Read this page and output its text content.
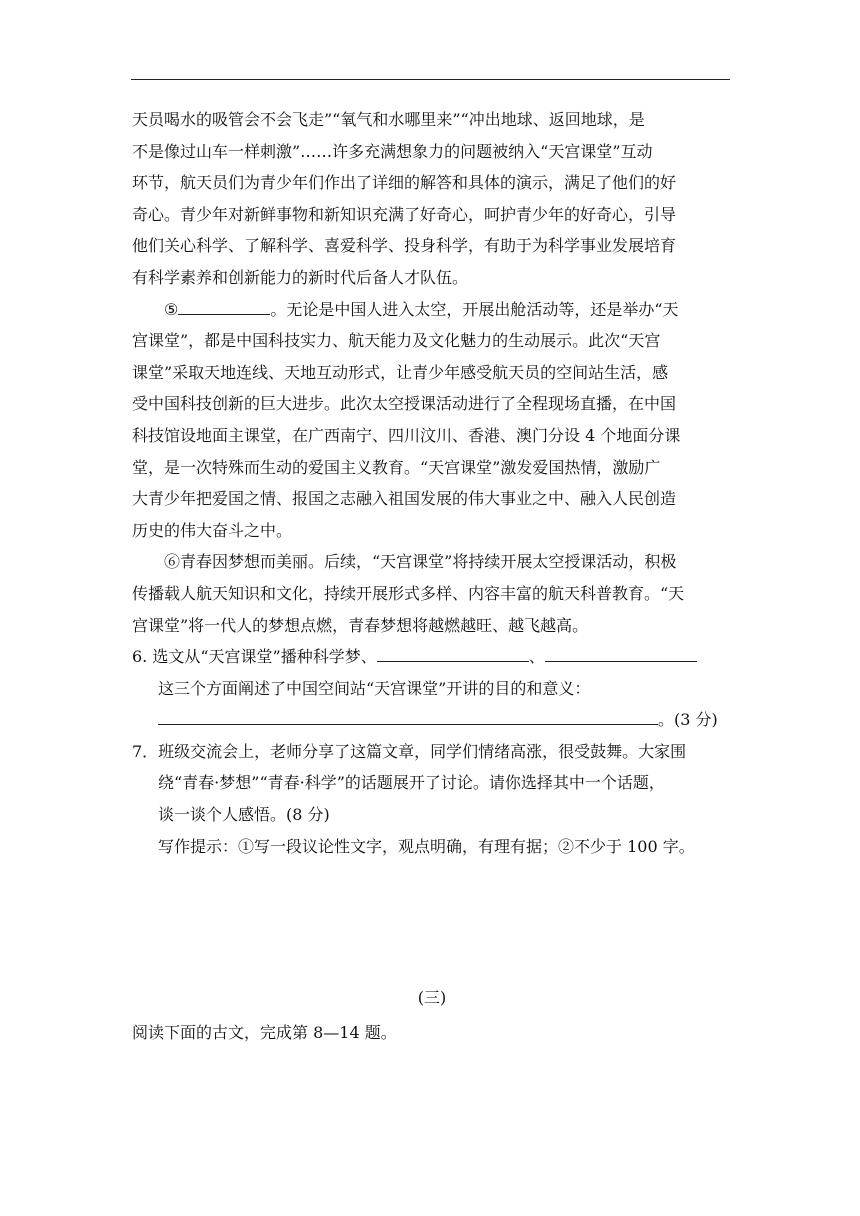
天员喝水的吸管会不会飞走”“氧气和水哪里来”“冲出地球、返回地球，是
不是像过山车一样刺激”……许多充满想象力的问题被纳入“天宫课堂”互动
环节，航天员们为青少年们作出了详细的解答和具体的演示，满足了他们的好
奇心。青少年对新鲜事物和新知识充满了好奇心，呵护青少年的好奇心，引导
他们关心科学、了解科学、喜爱科学、投身科学，有助于为科学事业发展培育
有科学素养和创新能力的新时代后备人才队伍。

⑤	。无论是中国人进入太空，开展出舱活动等，还是举办“天
宫课堂”，都是中国科技实力、航天能力及文化魅力的生动展示。此次“天宫
课堂”采取天地连线、天地互动形式，让青少年感受航天员的空间站生活，感
受中国科技创新的巨大进步。此次太空授课活动进行了全程现场直播，在中国
科技馆设地面主课堂，在广西南宁、四川汶川、香港、澳门分设 4 个地面分课
堂，是一次特殊而生动的爱国主义教育。“天宫课堂”激发爱国热情，激励广
大青少年把爱国之情、报国之志融入祖国发展的伟大事业之中、融入人民创造
历史的伟大奋斗之中。

⑥青春因梦想而美丽。后续，“天宫课堂”将持续开展太空授课活动，积极
传播载人航天知识和文化，持续开展形式多样、内容丰富的航天科普教育。“天
宫课堂”将一代人的梦想点燃，青春梦想将越燃越旺、越飞越高。

6. 选文从“天宫课堂”播种科学梦、	、
这三个方面阐述了中国空间站“天宫课堂”开讲的目的和意义：
。(3 分)
7．班级交流会上，老师分享了这篇文章，同学们情绪高涨，很受鼓舞。大家围
绕“青春·梦想”“青春·科学”的话题展开了讨论。请你选择其中一个话题，
谈一谈个人感悟。(8 分)
写作提示：①写一段议论性文字，观点明确，有理有据；②不少于 100 字。

(三)

阅读下面的古文，完成第 8—14 题。
